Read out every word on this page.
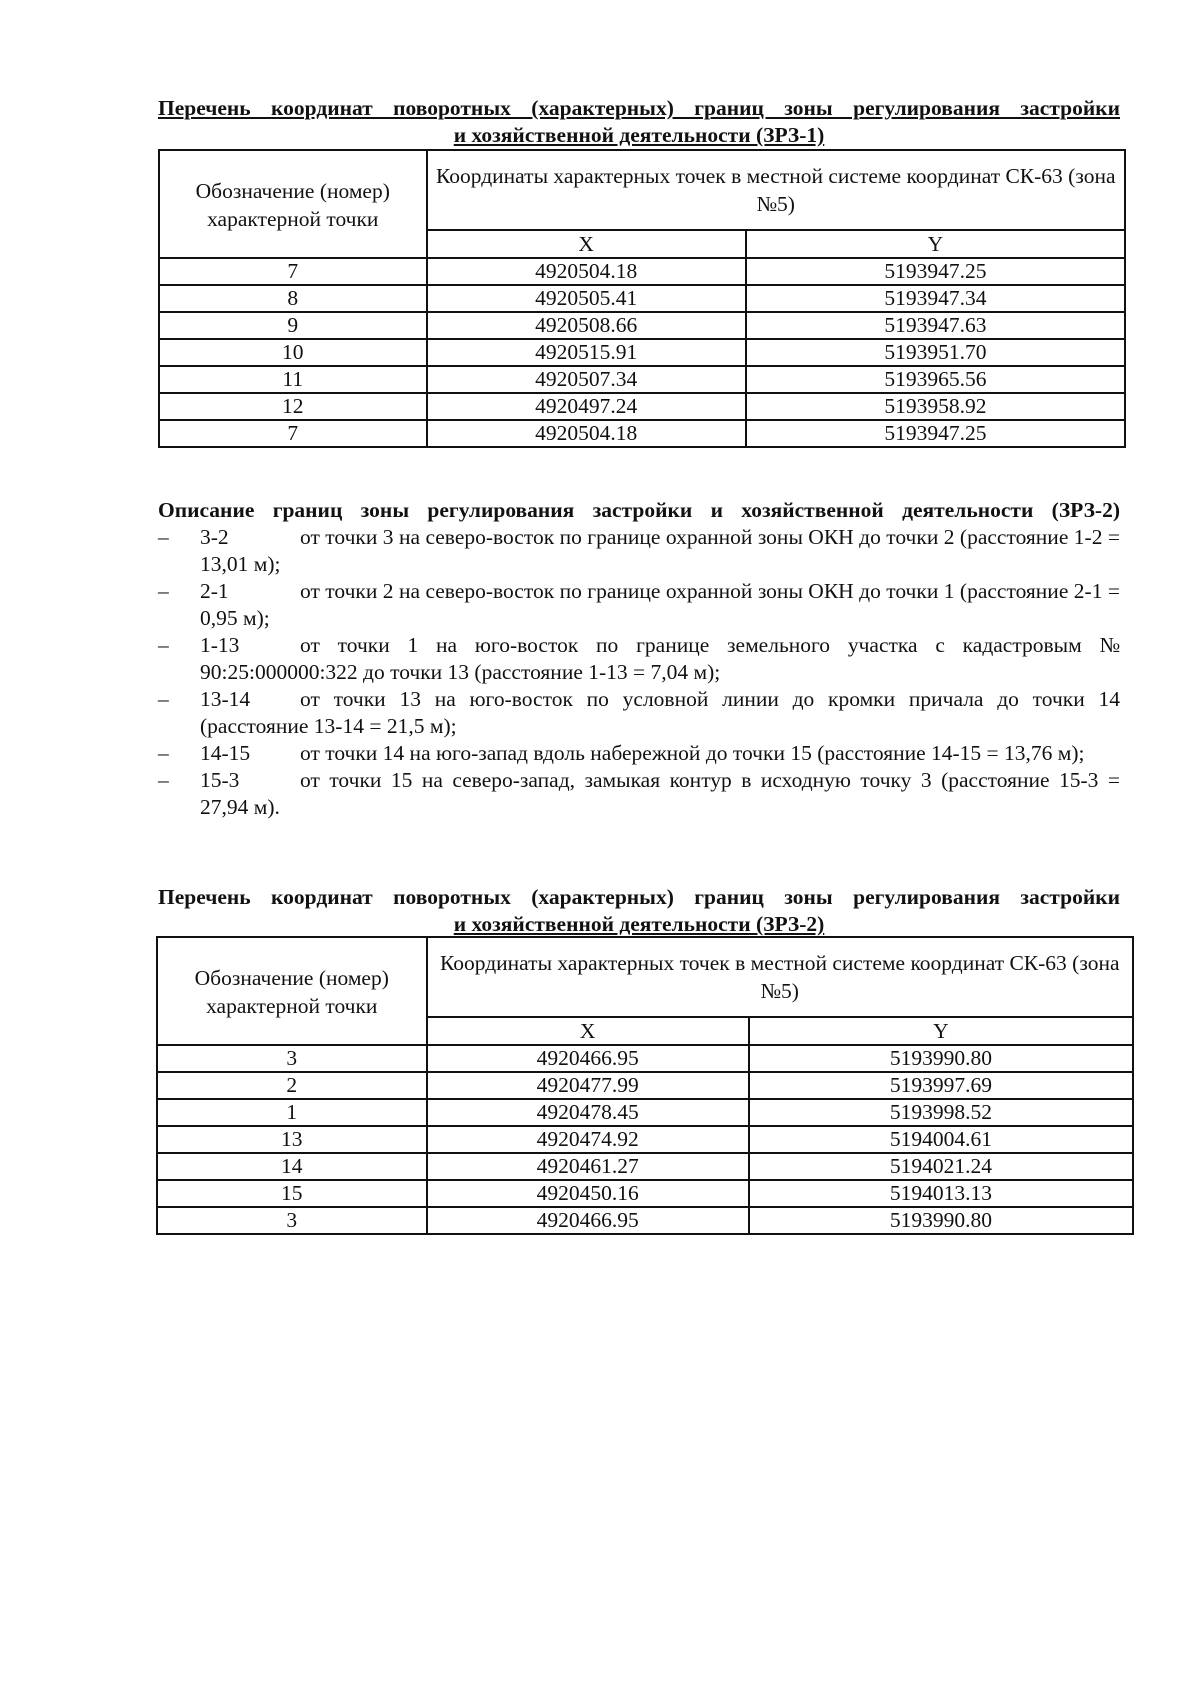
Перечень координат поворотных (характерных) границ зоны регулирования застройки
и хозяйственной деятельности (ЗРЗ-1)
Обозначение (номер) характерной точки	Координаты характерных точек в местной системе координат СК-63 (зона №5)	
	X	Y
7	4920504.18	5193947.25
8	4920505.41	5193947.34
9	4920508.66	5193947.63
10	4920515.91	5193951.70
11	4920507.34	5193965.56
12	4920497.24	5193958.92
7	4920504.18	5193947.25
Описание границ зоны регулирования застройки и хозяйственной деятельности (ЗРЗ-2)
– 3-2	от точки 3 на северо-восток по границе охранной зоны ОКН до точки 2 (расстояние 1-2 = 13,01 м);
– 2-1	от точки 2 на северо-восток по границе охранной зоны ОКН до точки 1 (расстояние 2-1 = 0,95 м);
– 1-13	от точки 1 на юго-восток по границе земельного участка с кадастровым № 90:25:000000:322 до точки 13 (расстояние 1-13 = 7,04 м);
– 13-14 от точки 13 на юго-восток по условной линии до кромки причала до точки 14 (расстояние 13-14 = 21,5 м);
– 14-15 от точки 14 на юго-запад вдоль набережной до точки 15 (расстояние 14-15 = 13,76 м);
– 15-3	от точки 15 на северо-запад, замыкая контур в исходную точку 3 (расстояние 15-3 = 27,94 м).
Перечень координат поворотных (характерных) границ зоны регулирования застройки
и хозяйственной деятельности (ЗРЗ-2)
Обозначение (номер) характерной точки	Координаты характерных точек в местной системе координат СК-63 (зона №5)	
	X	Y
3	4920466.95	5193990.80
2	4920477.99	5193997.69
1	4920478.45	5193998.52
13	4920474.92	5194004.61
14	4920461.27	5194021.24
15	4920450.16	5194013.13
3	4920466.95	5193990.80
